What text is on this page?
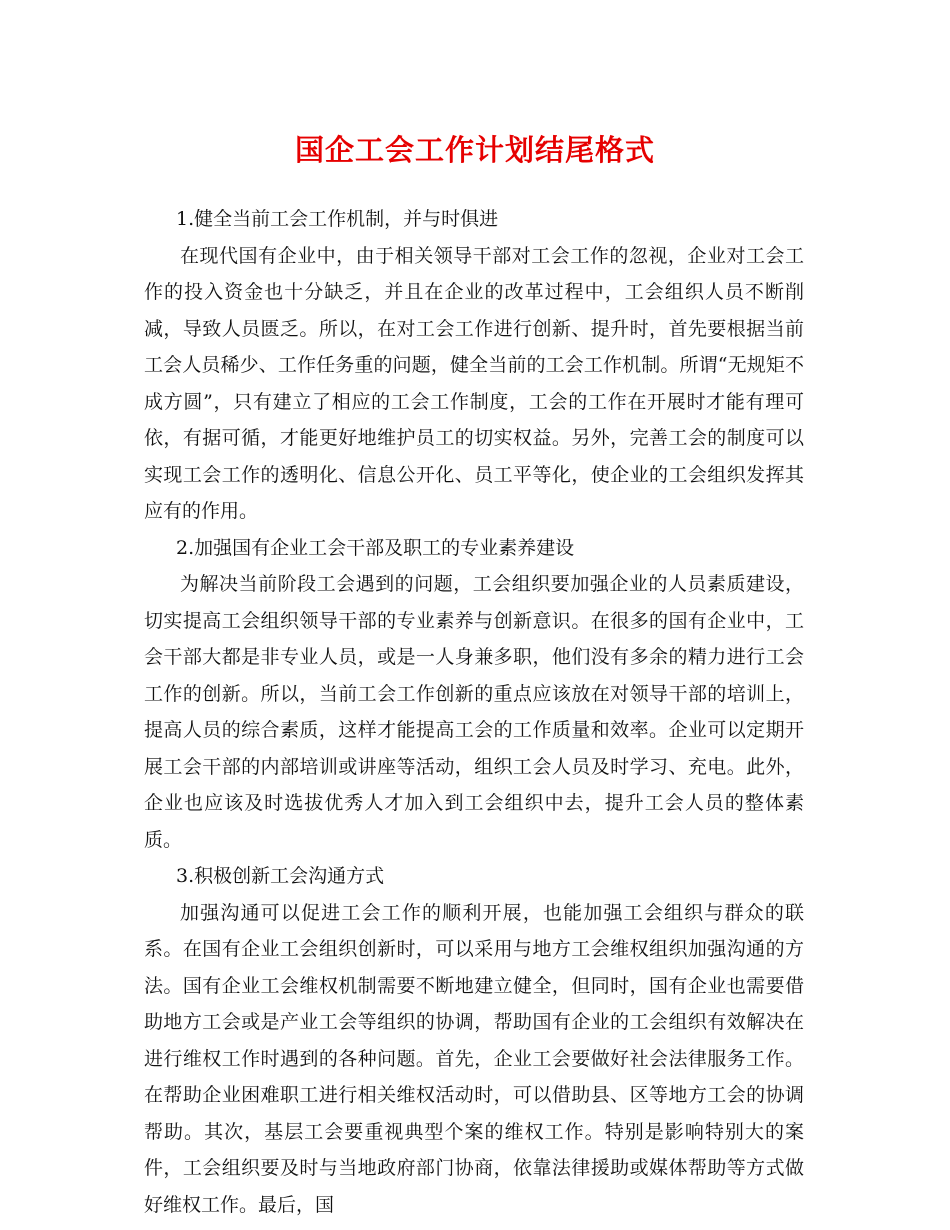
国企工会工作计划结尾格式

1.健全当前工会工作机制，并与时俱进

在现代国有企业中，由于相关领导干部对工会工作的忽视，企业对工会工作的投入资金也十分缺乏，并且在企业的改革过程中，工会组织人员不断削减，导致人员匮乏。所以，在对工会工作进行创新、提升时，首先要根据当前工会人员稀少、工作任务重的问题，健全当前的工会工作机制。所谓“无规矩不成方圆”，只有建立了相应的工会工作制度，工会的工作在开展时才能有理可依，有据可循，才能更好地维护员工的切实权益。另外，完善工会的制度可以实现工会工作的透明化、信息公开化、员工平等化，使企业的工会组织发挥其应有的作用。

2.加强国有企业工会干部及职工的专业素养建设

为解决当前阶段工会遇到的问题，工会组织要加强企业的人员素质建设，切实提高工会组织领导干部的专业素养与创新意识。在很多的国有企业中，工会干部大都是非专业人员，或是一人身兼多职，他们没有多余的精力进行工会工作的创新。所以，当前工会工作创新的重点应该放在对领导干部的培训上，提高人员的综合素质，这样才能提高工会的工作质量和效率。企业可以定期开展工会干部的内部培训或讲座等活动，组织工会人员及时学习、充电。此外，企业也应该及时选拔优秀人才加入到工会组织中去，提升工会人员的整体素质。

3.积极创新工会沟通方式

加强沟通可以促进工会工作的顺利开展，也能加强工会组织与群众的联系。在国有企业工会组织创新时，可以采用与地方工会维权组织加强沟通的方法。国有企业工会维权机制需要不断地建立健全，但同时，国有企业也需要借助地方工会或是产业工会等组织的协调，帮助国有企业的工会组织有效解决在进行维权工作时遇到的各种问题。首先，企业工会要做好社会法律服务工作。在帮助企业困难职工进行相关维权活动时，可以借助县、区等地方工会的协调帮助。其次，基层工会要重视典型个案的维权工作。特别是影响特别大的案件，工会组织要及时与当地政府部门协商，依靠法律援助或媒体帮助等方式做好维权工作。最后，国
